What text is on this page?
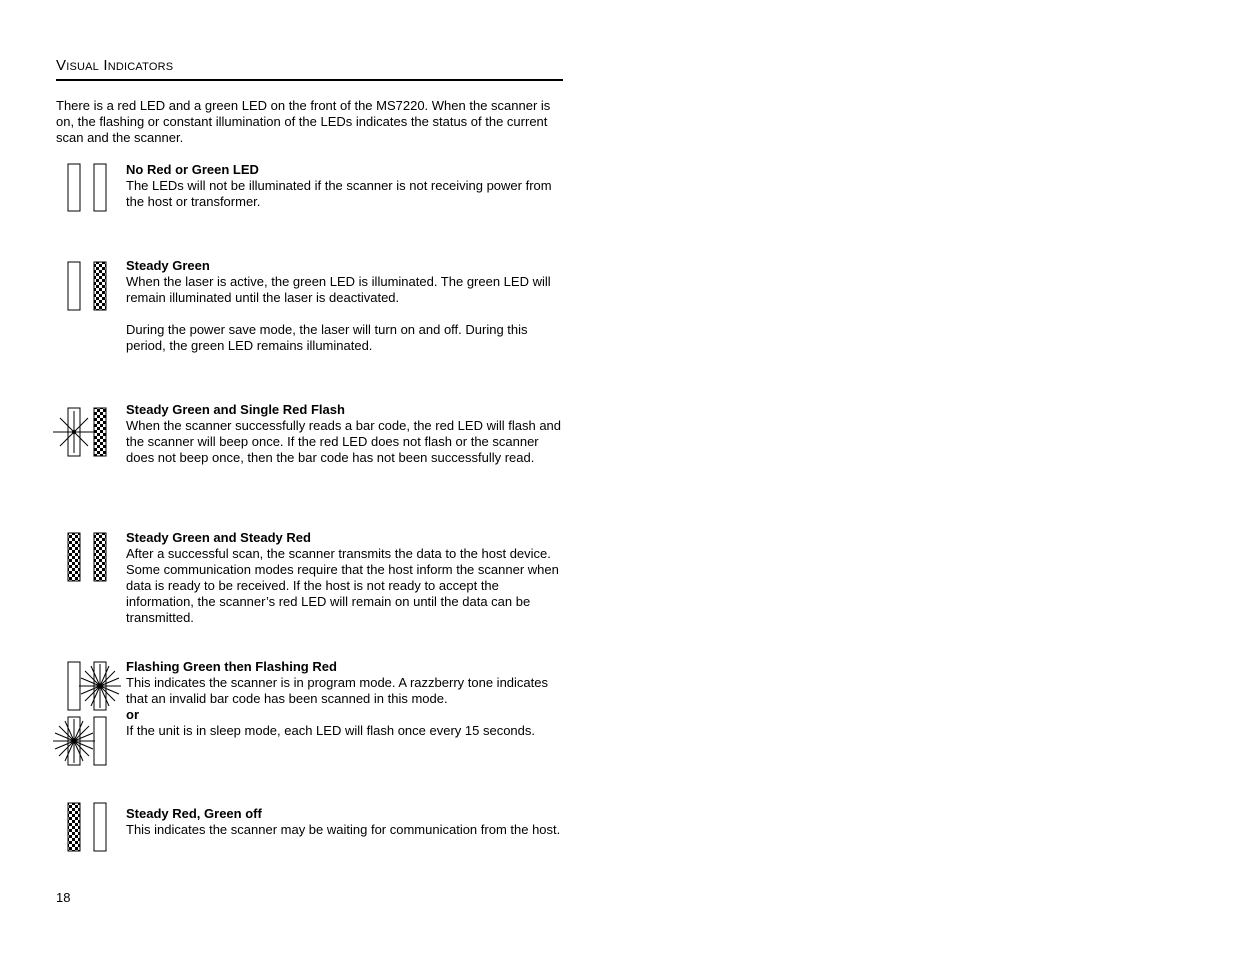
Visual Indicators

There is a red LED and a green LED on the front of the MS7220. When the scanner is on, the flashing or constant illumination of the LEDs indicates the status of the current scan and the scanner.

No Red or Green LED
The LEDs will not be illuminated if the scanner is not receiving power from the host or transformer.
Steady Green
When the laser is active, the green LED is illuminated. The green LED will remain illuminated until the laser is deactivated.
During the power save mode, the laser will turn on and off. During this period, the green LED remains illuminated.
Steady Green and Single Red Flash
When the scanner successfully reads a bar code, the red LED will flash and the scanner will beep once. If the red LED does not flash or the scanner does not beep once, then the bar code has not been successfully read.
Steady Green and Steady Red
After a successful scan, the scanner transmits the data to the host device. Some communication modes require that the host inform the scanner when data is ready to be received. If the host is not ready to accept the information, the scanner’s red LED will remain on until the data can be transmitted.
Flashing Green then Flashing Red
This indicates the scanner is in program mode. A razzberry tone indicates that an invalid bar code has been scanned in this mode.
or
If the unit is in sleep mode, each LED will flash once every 15 seconds.
Steady Red, Green off
This indicates the scanner may be waiting for communication from the host.
18
